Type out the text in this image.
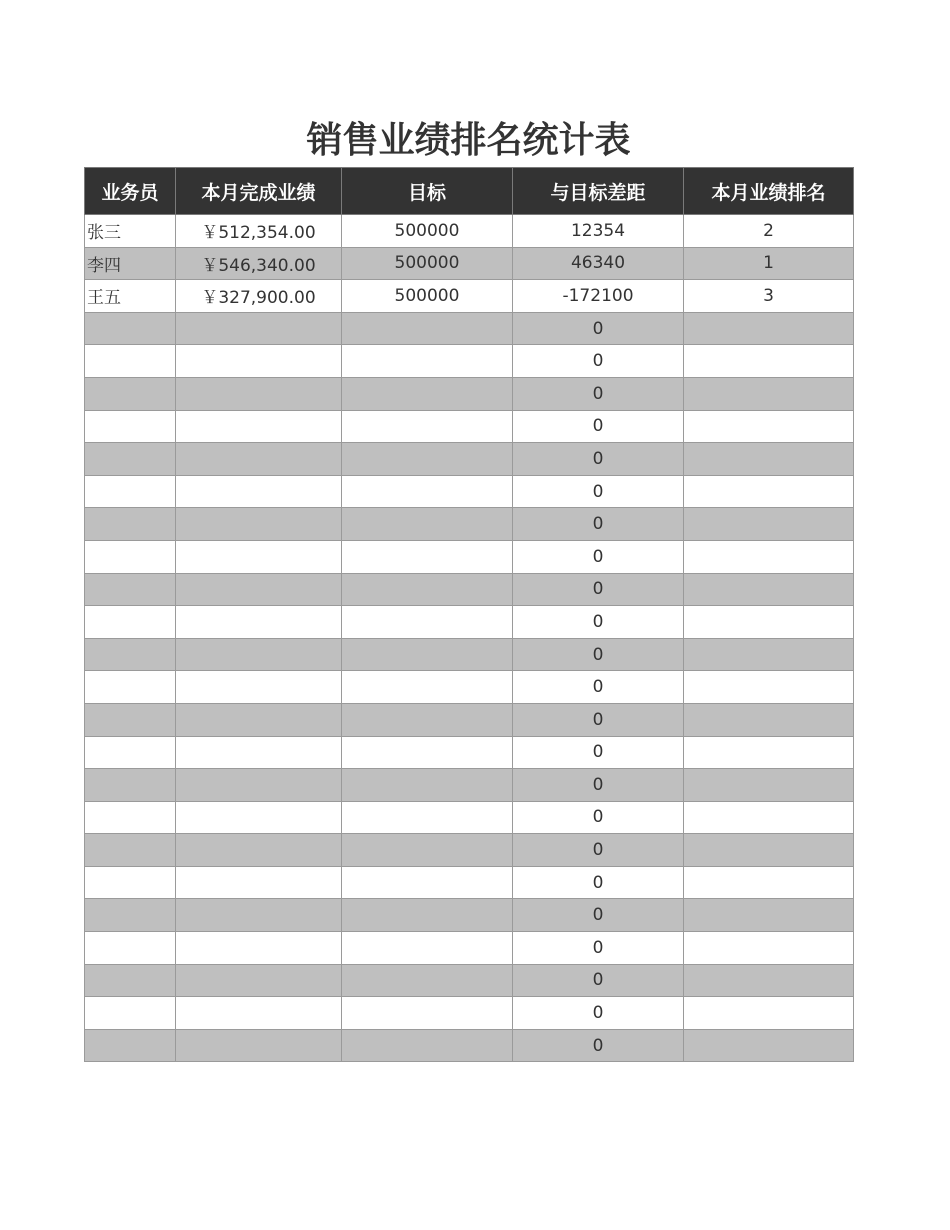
销售业绩排名统计表
业务员	本月完成业绩	目标	与目标差距	本月业绩排名
张三	￥512,354.00	500000	12354	2
李四	￥546,340.00	500000	46340	1
王五	￥327,900.00	500000	-172100	3
			0	
			0	
			0	
			0	
			0	
			0	
			0	
			0	
			0	
			0	
			0	
			0	
			0	
			0	
			0	
			0	
			0	
			0	
			0	
			0	
			0	
			0	
			0	
